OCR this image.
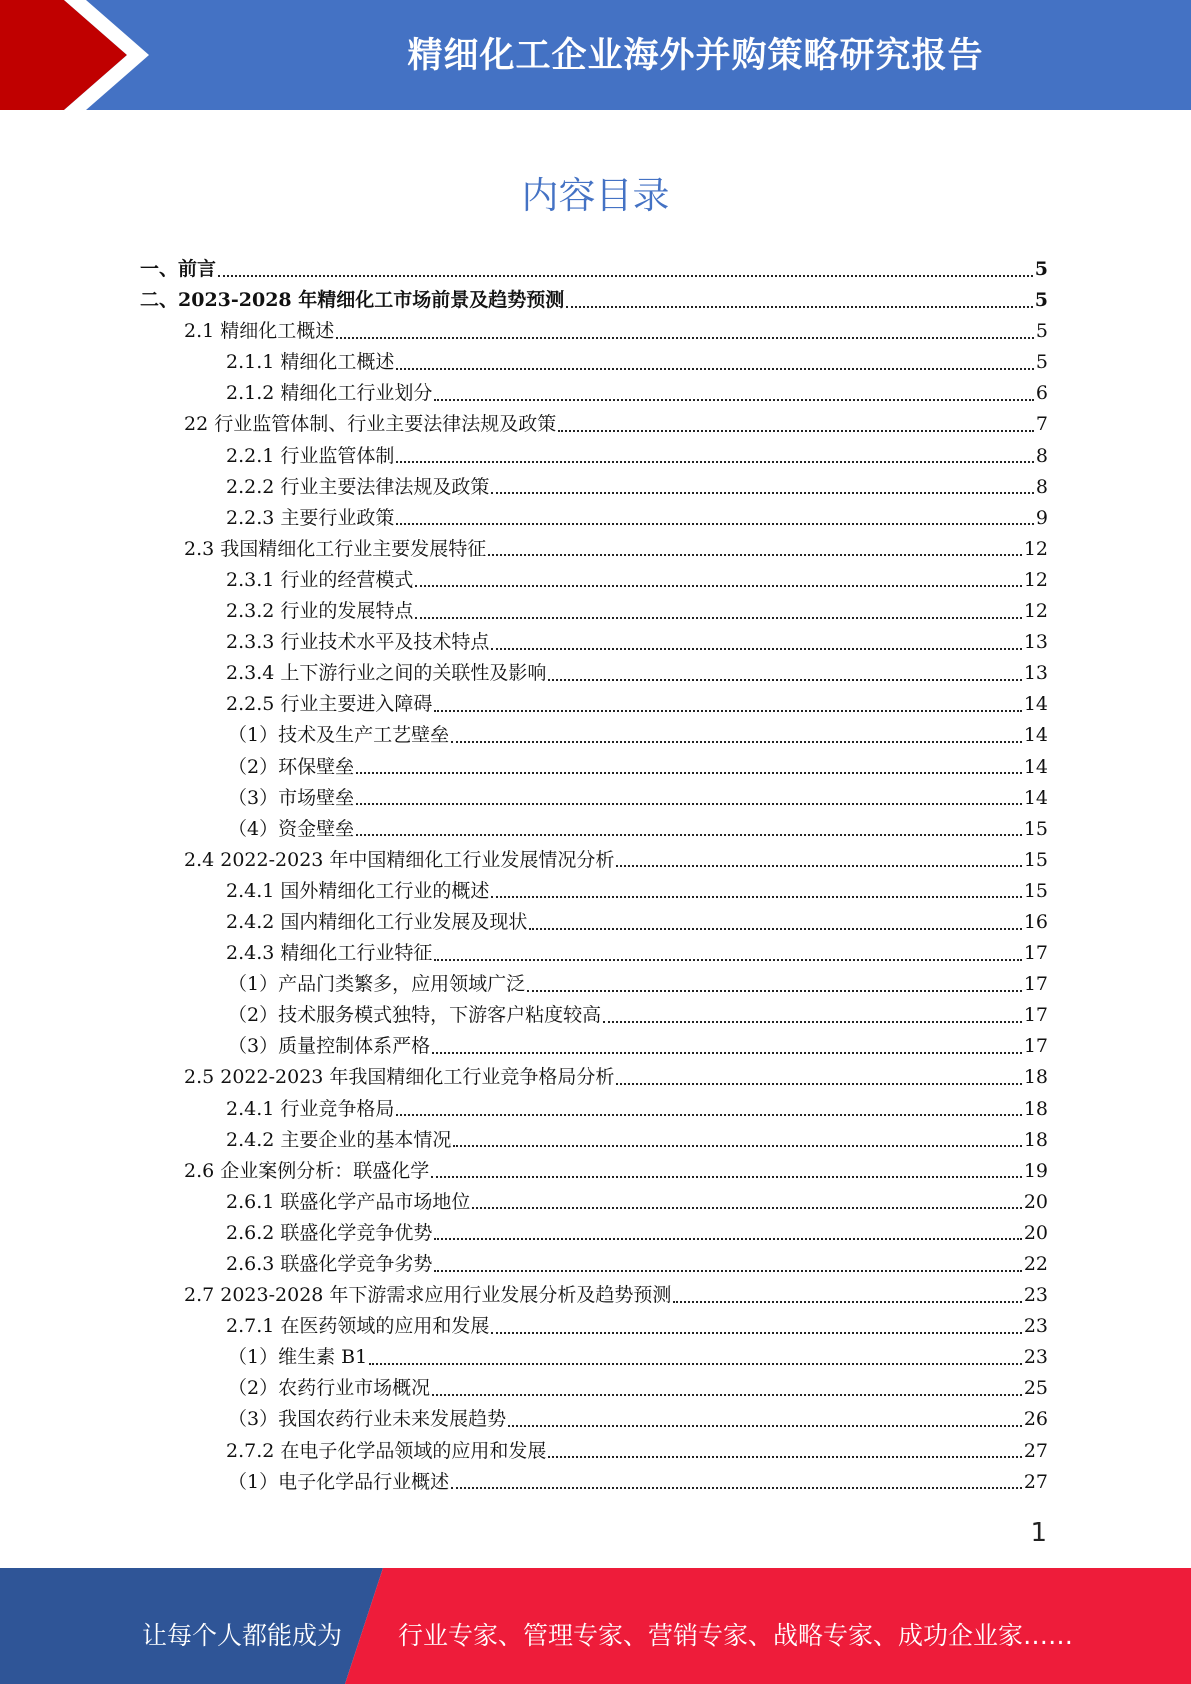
精细化工企业海外并购策略研究报告
内容目录
一、前言	5
二、2023-2028 年精细化工市场前景及趋势预测	5
2.1 精细化工概述	5
2.1.1 精细化工概述	5
2.1.2 精细化工行业划分	6
22 行业监管体制、行业主要法律法规及政策	7
2.2.1 行业监管体制	8
2.2.2 行业主要法律法规及政策	8
2.2.3 主要行业政策	9
2.3 我国精细化工行业主要发展特征	12
2.3.1 行业的经营模式	12
2.3.2 行业的发展特点	12
2.3.3 行业技术水平及技术特点	13
2.3.4 上下游行业之间的关联性及影响	13
2.2.5 行业主要进入障碍	14
（1）技术及生产工艺壁垒	14
（2）环保壁垒	14
（3）市场壁垒	14
（4）资金壁垒	15
2.4 2022-2023 年中国精细化工行业发展情况分析	15
2.4.1 国外精细化工行业的概述	15
2.4.2 国内精细化工行业发展及现状	16
2.4.3 精细化工行业特征	17
（1）产品门类繁多，应用领域广泛	17
（2）技术服务模式独特，下游客户粘度较高	17
（3）质量控制体系严格	17
2.5 2022-2023 年我国精细化工行业竞争格局分析	18
2.4.1 行业竞争格局	18
2.4.2 主要企业的基本情况	18
2.6 企业案例分析：联盛化学	19
2.6.1 联盛化学产品市场地位	20
2.6.2 联盛化学竞争优势	20
2.6.3 联盛化学竞争劣势	22
2.7 2023-2028 年下游需求应用行业发展分析及趋势预测	23
2.7.1 在医药领域的应用和发展	23
（1）维生素 B1	23
（2）农药行业市场概况	25
（3）我国农药行业未来发展趋势	26
2.7.2 在电子化学品领域的应用和发展	27
（1）电子化学品行业概述	27
1
让每个人都能成为 行业专家、管理专家、营销专家、战略专家、成功企业家……
